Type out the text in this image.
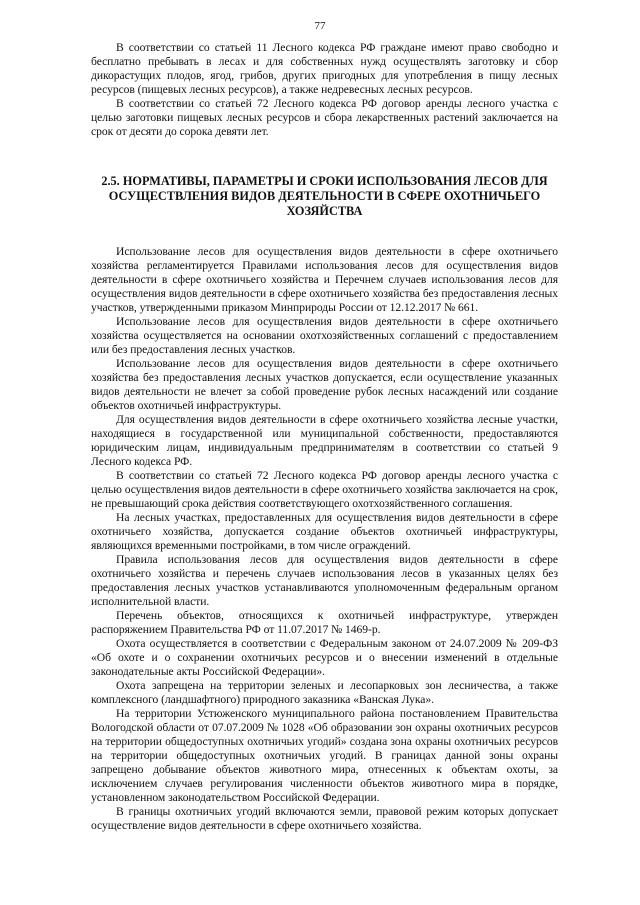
77

В соответствии со статьей 11 Лесного кодекса РФ граждане имеют право свободно и бесплатно пребывать в лесах и для собственных нужд осуществлять заготовку и сбор дикорастущих плодов, ягод, грибов, других пригодных для употребления в пищу лесных ресурсов (пищевых лесных ресурсов), а также недревесных лесных ресурсов.

В соответствии со статьей 72 Лесного кодекса РФ договор аренды лесного участка с целью заготовки пищевых лесных ресурсов и сбора лекарственных растений заключается на срок от десяти до сорока девяти лет.

2.5. НОРМАТИВЫ, ПАРАМЕТРЫ И СРОКИ ИСПОЛЬЗОВАНИЯ ЛЕСОВ ДЛЯ ОСУЩЕСТВЛЕНИЯ ВИДОВ ДЕЯТЕЛЬНОСТИ В СФЕРЕ ОХОТНИЧЬЕГО ХОЗЯЙСТВА

Использование лесов для осуществления видов деятельности в сфере охотничьего хозяйства регламентируется Правилами использования лесов для осуществления видов деятельности в сфере охотничьего хозяйства и Перечнем случаев использования лесов для осуществления видов деятельности в сфере охотничьего хозяйства без предоставления лесных участков, утвержденными приказом Минприроды России от 12.12.2017 № 661.

Использование лесов для осуществления видов деятельности в сфере охотничьего хозяйства осуществляется на основании охотхозяйственных соглашений с предоставлением или без предоставления лесных участков.

Использование лесов для осуществления видов деятельности в сфере охотничьего хозяйства без предоставления лесных участков допускается, если осуществление указанных видов деятельности не влечет за собой проведение рубок лесных насаждений или создание объектов охотничьей инфраструктуры.

Для осуществления видов деятельности в сфере охотничьего хозяйства лесные участки, находящиеся в государственной или муниципальной собственности, предоставляются юридическим лицам, индивидуальным предпринимателям в соответствии со статьей 9 Лесного кодекса РФ.

В соответствии со статьей 72 Лесного кодекса РФ договор аренды лесного участка с целью осуществления видов деятельности в сфере охотничьего хозяйства заключается на срок, не превышающий срока действия соответствующего охотхозяйственного соглашения.

На лесных участках, предоставленных для осуществления видов деятельности в сфере охотничьего хозяйства, допускается создание объектов охотничьей инфраструктуры, являющихся временными постройками, в том числе ограждений.

Правила использования лесов для осуществления видов деятельности в сфере охотничьего хозяйства и перечень случаев использования лесов в указанных целях без предоставления лесных участков устанавливаются уполномоченным федеральным органом исполнительной власти.

Перечень объектов, относящихся к охотничьей инфраструктуре, утвержден распоряжением Правительства РФ от 11.07.2017 № 1469-р.

Охота осуществляется в соответствии с Федеральным законом от 24.07.2009 № 209-ФЗ «Об охоте и о сохранении охотничьих ресурсов и о внесении изменений в отдельные законодательные акты Российской Федерации».

Охота запрещена на территории зеленых и лесопарковых зон лесничества, а также комплексного (ландшафтного) природного заказника «Ванская Лука».

На территории Устюженского муниципального района постановлением Правительства Вологодской области от 07.07.2009 № 1028 «Об образовании зон охраны охотничьих ресурсов на территории общедоступных охотничьих угодий» создана зона охраны охотничьих ресурсов на территории общедоступных охотничьих угодий. В границах данной зоны охраны запрещено добывание объектов животного мира, отнесенных к объектам охоты, за исключением случаев регулирования численности объектов животного мира в порядке, установленном законодательством Российской Федерации.

В границы охотничьих угодий включаются земли, правовой режим которых допускает осуществление видов деятельности в сфере охотничьего хозяйства.
